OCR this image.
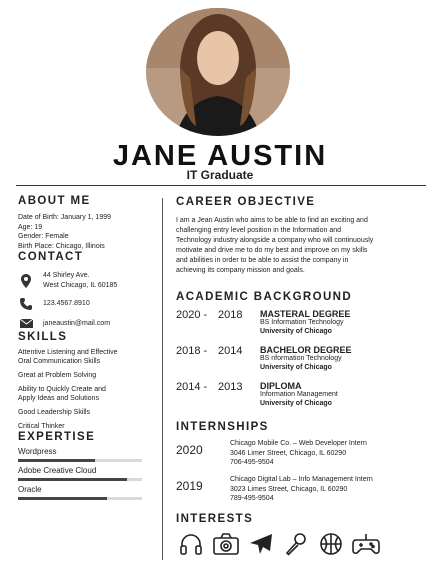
JANE AUSTIN
IT Graduate
ABOUT ME
Date of Birth: January 1, 1999
Age: 19
Gender: Female
Birth Place: Chicago, Illinois
CONTACT
44 Shirley Ave.
West Chicago, IL 60185
123.4567.8910
janeaustin@mail.com
SKILLS
Attentive Listening and Effective
Oral Communication Skills
Great at Problem Solving
Ability to Quickly Create and
Apply Ideas and Solutions
Good Leadership Skills
Critical Thinker
EXPERTISE
Wordpress
Adobe Creative Cloud
Oracle
CAREER OBJECTIVE
I am a Jean Austin who aims to be able to find an exciting and
challenging entry level position in the Information and
Technology industry alongside a company who will continuously
motivate and drive me to do my best and improve on my skills
and abilities in order to be able to assist the company in
achieving its company mission and goals.
ACADEMIC BACKGROUND
2020 - 2018 MASTERAL DEGREE
BS Information Technology
University of Chicago
2018 - 2014 BACHELOR DEGREE
BS nformation Technology
University of Chicago
2014 - 2013 DIPLOMA
Information Management
University of Chicago
INTERNSHIPS
2020	Chicago Mobile Co. – Web Developer Intern
3046 Limer Street, Chicago, IL 60290
706-495-9504
2019	Chicago Digital Lab – Info Management Intern
3023 Limes Street, Chicago, IL 60290
789-495-9504
INTERESTS
